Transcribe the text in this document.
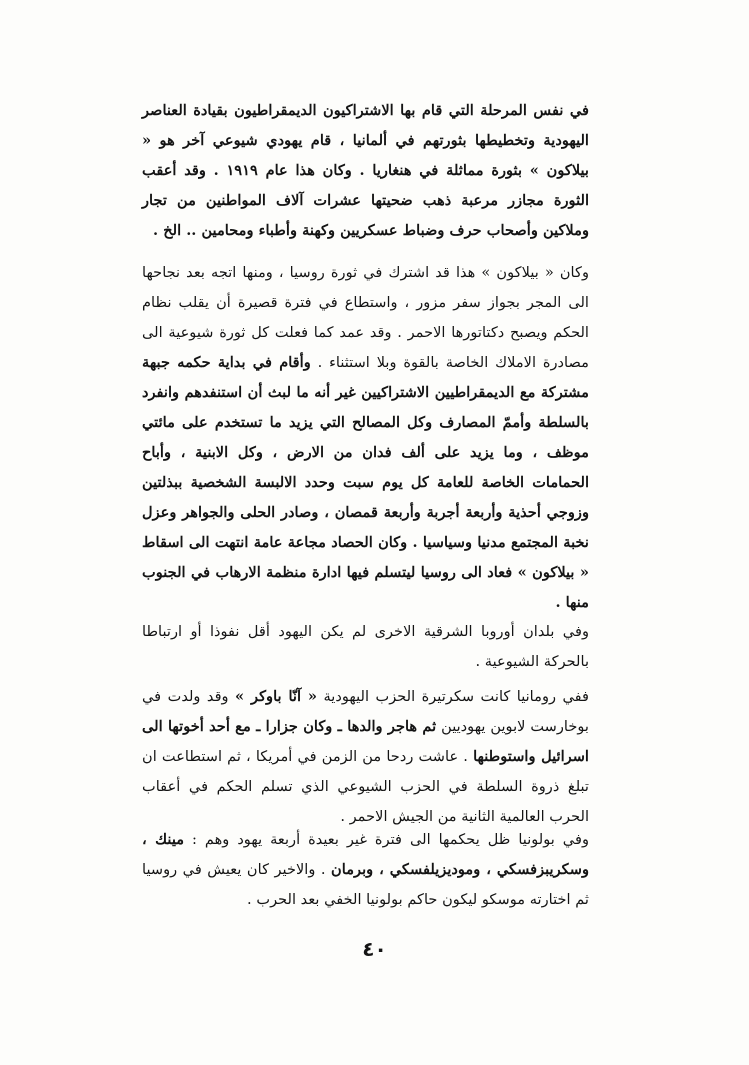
في نفس المرحلة التي قام بها الاشتراكيون الديمقراطيون بقيادة العناصر اليهودية وتخطيطها بثورتهم في ألمانيا ، قام يهودي شيوعي آخر هو « بيلاكون » بثورة مماثلة في هنغاريا . وكان هذا عام ١٩١٩ . وقد أعقب الثورة مجازر مرعبة ذهب ضحيتها عشرات آلاف المواطنين من تجار وملاكين وأصحاب حرف وضباط عسكريين وكهنة وأطباء ومحامين .. الخ .

وكان « بيلاكون » هذا قد اشترك في ثورة روسيا ، ومنها اتجه بعد نجاحها الى المجر بجواز سفر مزور ، واستطاع في فترة قصيرة أن يقلب نظام الحكم ويصبح دكتاتورها الاحمر . وقد عمد كما فعلت كل ثورة شيوعية الى مصادرة الاملاك الخاصة بالقوة وبلا استثناء . وأقام في بداية حكمه جبهة مشتركة مع الديمقراطيين الاشتراكيين غير أنه ما لبث أن استنفدهم وانفرد بالسلطة وأممّ المصارف وكل المصالح التي يزيد ما تستخدم على مائتي موظف ، وما يزيد على ألف فدان من الارض ، وكل الابنية ، وأباح الحمامات الخاصة للعامة كل يوم سبت وحدد الالبسة الشخصية ببذلتين وزوجي أحذية وأربعة أجربة وأربعة قمصان ، وصادر الحلى والجواهر وعزل نخبة المجتمع مدنيا وسياسيا . وكان الحصاد مجاعة عامة انتهت الى اسقاط « بيلاكون » فعاد الى روسيا ليتسلم فيها ادارة منظمة الارهاب في الجنوب منها .

وفي بلدان أوروبا الشرقية الاخرى لم يكن اليهود أقل نفوذا أو ارتباطا بالحركة الشيوعية .

ففي رومانيا كانت سكرتيرة الحزب اليهودية « آنّا باوكر » وقد ولدت في بوخارست لابوين يهوديين ثم هاجر والدها ـ وكان جزارا ـ مع أحد أخوتها الى اسرائيل واستوطنها . عاشت ردحا من الزمن في أمريكا ، ثم استطاعت ان تبلغ ذروة السلطة في الحزب الشيوعي الذي تسلم الحكم في أعقاب الحرب العالمية الثانية من الجيش الاحمر .

وفي بولونيا ظل يحكمها الى فترة غير بعيدة أربعة يهود وهم : مينك ، وسكريبزفسكي ، وموديزيلفسكي ، وبرمان . والاخير كان يعيش في روسيا ثم اختارته موسكو ليكون حاكم بولونيا الخفي بعد الحرب .

٤٠
